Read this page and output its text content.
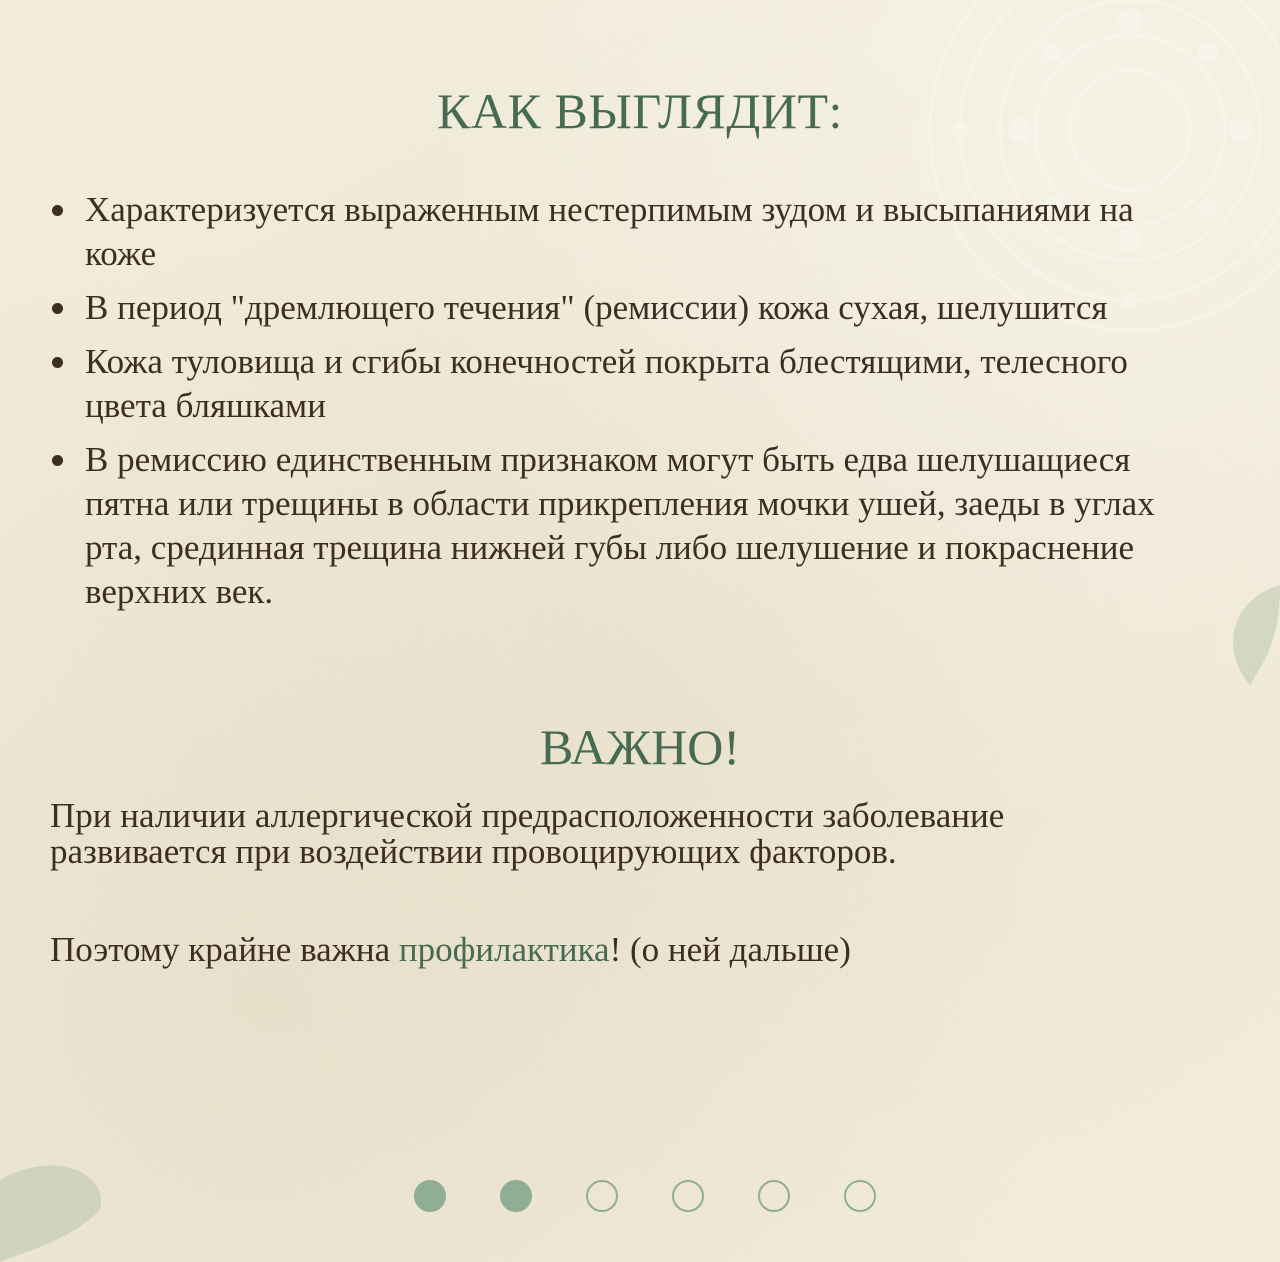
КАК ВЫГЛЯДИТ:
Характеризуется выраженным нестерпимым зудом и высыпаниями на коже
В период "дремлющего течения" (ремиссии) кожа сухая, шелушится
Кожа туловища и сгибы конечностей покрыта блестящими, телесного цвета бляшками
В ремиссию единственным признаком могут быть едва шелушащиеся пятна или трещины в области прикрепления мочки ушей, заеды в углах рта, срединная трещина нижней губы либо шелушение и покраснение верхних век.
ВАЖНО!

При наличии аллергической предрасположенности заболевание развивается при воздействии провоцирующих факторов.

Поэтому крайне важна профилактика! (о ней дальше)
